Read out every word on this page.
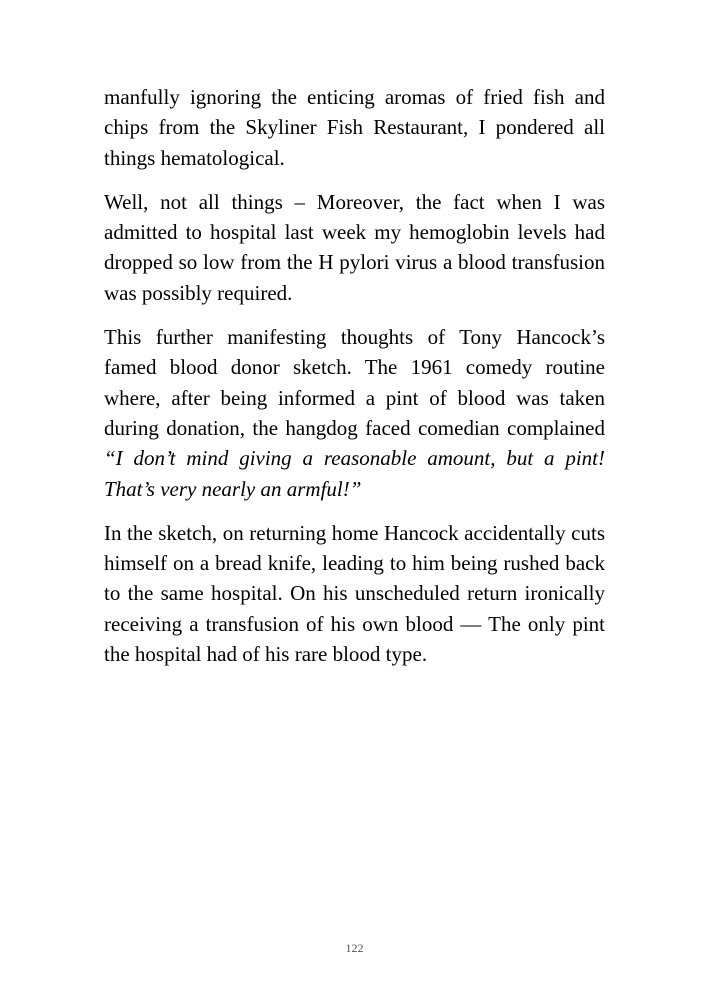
manfully ignoring the enticing aromas of fried fish and chips from the Skyliner Fish Restaurant, I pondered all things hematological.

Well, not all things – Moreover, the fact when I was admitted to hospital last week my hemoglobin levels had dropped so low from the H pylori virus a blood transfusion was possibly required.

This further manifesting thoughts of Tony Hancock’s famed blood donor sketch. The 1961 comedy routine where, after being informed a pint of blood was taken during donation, the hangdog faced comedian complained “I don’t mind giving a reasonable amount, but a pint! That’s very nearly an armful!”

In the sketch, on returning home Hancock accidentally cuts himself on a bread knife, leading to him being rushed back to the same hospital. On his unscheduled return ironically receiving a transfusion of his own blood — The only pint the hospital had of his rare blood type.

122
